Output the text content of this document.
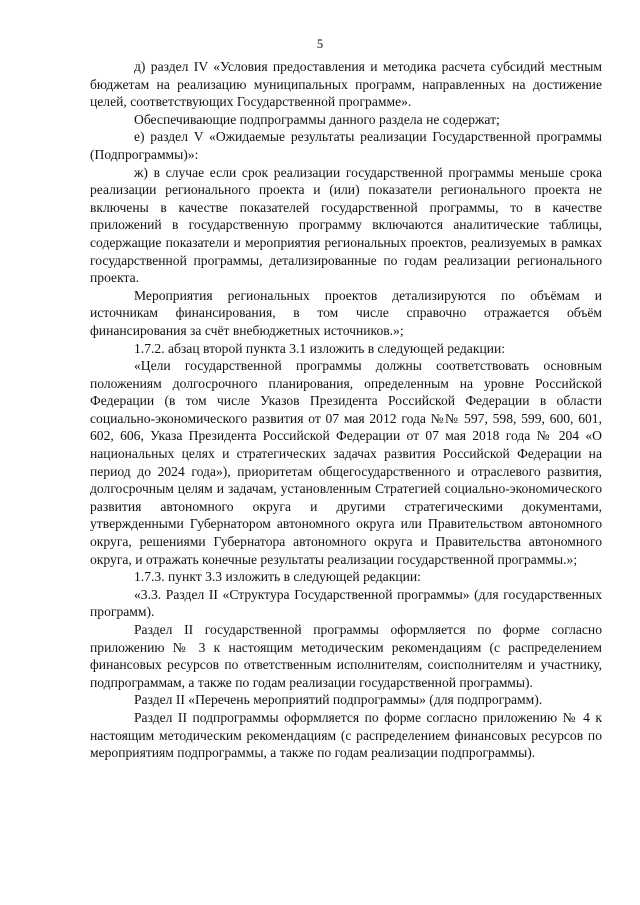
5

д) раздел IV «Условия предоставления и методика расчета субсидий местным бюджетам на реализацию муниципальных программ, направленных на достижение целей, соответствующих Государственной программе».

Обеспечивающие подпрограммы данного раздела не содержат;

е) раздел V «Ожидаемые результаты реализации Государственной программы (Подпрограммы)»:

ж) в случае если срок реализации государственной программы меньше срока реализации регионального проекта и (или) показатели регионального проекта не включены в качестве показателей государственной программы, то в качестве приложений в государственную программу включаются аналитические таблицы, содержащие показатели и мероприятия региональных проектов, реализуемых в рамках государственной программы, детализированные по годам реализации регионального проекта.

Мероприятия региональных проектов детализируются по объёмам и источникам финансирования, в том числе справочно отражается объём финансирования за счёт внебюджетных источников.»;

1.7.2. абзац второй пункта 3.1 изложить в следующей редакции:

«Цели государственной программы должны соответствовать основным положениям долгосрочного планирования, определенным на уровне Российской Федерации (в том числе Указов Президента Российской Федерации в области социально-экономического развития от 07 мая 2012 года №№ 597, 598, 599, 600, 601, 602, 606, Указа Президента Российской Федерации от 07 мая 2018 года № 204 «О национальных целях и стратегических задачах развития Российской Федерации на период до 2024 года»), приоритетам общегосударственного и отраслевого развития, долгосрочным целям и задачам, установленным Стратегией социально-экономического развития автономного округа и другими стратегическими документами, утвержденными Губернатором автономного округа или Правительством автономного округа, решениями Губернатора автономного округа и Правительства автономного округа, и отражать конечные результаты реализации государственной программы.»;

1.7.3. пункт 3.3 изложить в следующей редакции:

«3.3. Раздел II «Структура Государственной программы» (для государственных программ).

Раздел II государственной программы оформляется по форме согласно приложению № 3 к настоящим методическим рекомендациям (с распределением финансовых ресурсов по ответственным исполнителям, соисполнителям и участнику, подпрограммам, а также по годам реализации государственной программы).

Раздел II «Перечень мероприятий подпрограммы» (для подпрограмм).

Раздел II подпрограммы оформляется по форме согласно приложению № 4 к настоящим методическим рекомендациям (с распределением финансовых ресурсов по мероприятиям подпрограммы, а также по годам реализации подпрограммы).
